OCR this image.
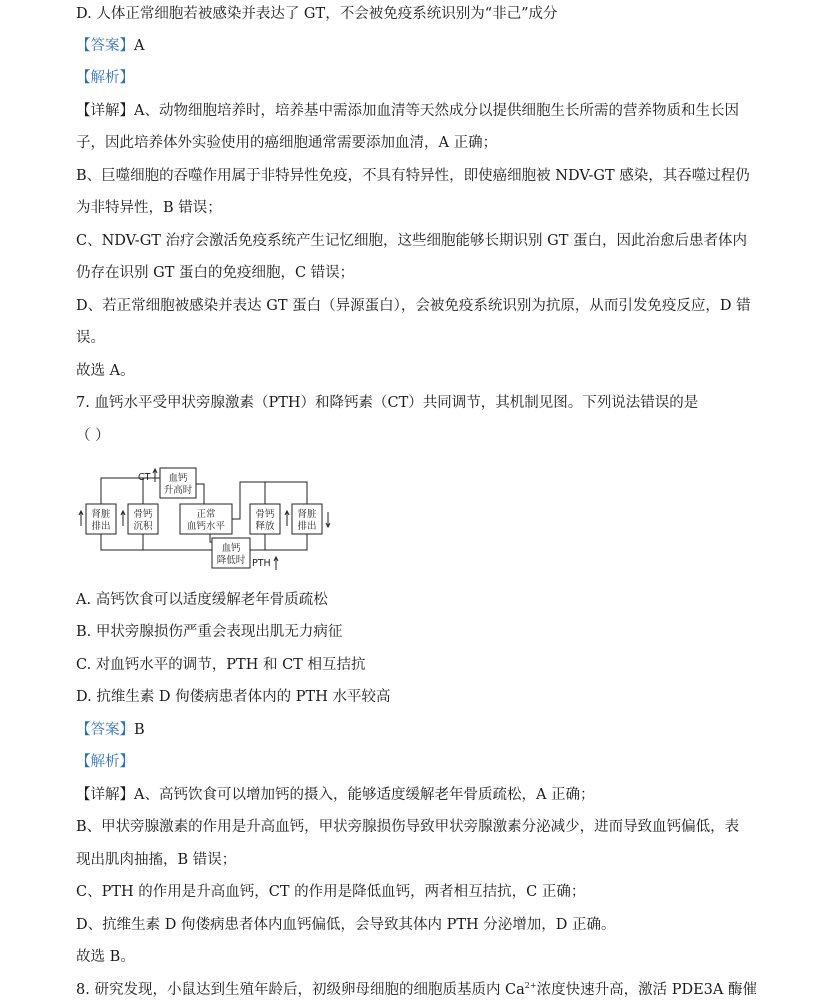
D. 人体正常细胞若被感染并表达了 GT，不会被免疫系统识别为“非己”成分
【答案】A
【解析】
【详解】A、动物细胞培养时，培养基中需添加血清等天然成分以提供细胞生长所需的营养物质和生长因
子，因此培养体外实验使用的癌细胞通常需要添加血清，A 正确；
B、巨噬细胞的吞噬作用属于非特异性免疫，不具有特异性，即使癌细胞被 NDV-GT 感染，其吞噬过程仍
为非特异性，B 错误；
C、NDV-GT 治疗会激活免疫系统产生记忆细胞，这些细胞能够长期识别 GT 蛋白，因此治愈后患者体内
仍存在识别 GT 蛋白的免疫细胞，C 错误；
D、若正常细胞被感染并表达 GT 蛋白（异源蛋白），会被免疫系统识别为抗原，从而引发免疫反应，D 错
误。
故选 A。
7. 血钙水平受甲状旁腺激素（PTH）和降钙素（CT）共同调节，其机制见图。下列说法错误的是
（ ）
CT 血钙
升高时
肾脏
排出
骨钙
沉积
正常
血钙水平
骨钙
释放
肾脏
排出
血钙
降低时 PTH
A. 高钙饮食可以适度缓解老年骨质疏松
B. 甲状旁腺损伤严重会表现出肌无力病征
C. 对血钙水平的调节，PTH 和 CT 相互拮抗
D. 抗维生素 D 佝偻病患者体内的 PTH 水平较高
【答案】B
【解析】
【详解】A、高钙饮食可以增加钙的摄入，能够适度缓解老年骨质疏松，A 正确；
B、甲状旁腺激素的作用是升高血钙，甲状旁腺损伤导致甲状旁腺激素分泌减少，进而导致血钙偏低，表
现出肌肉抽搐，B 错误；
C、PTH 的作用是升高血钙，CT 的作用是降低血钙，两者相互拮抗，C 正确；
D、抗维生素 D 佝偻病患者体内血钙偏低，会导致其体内 PTH 分泌增加，D 正确。
故选 B。
8. 研究发现，小鼠达到生殖年龄后，初级卵母细胞的细胞质基质内 $Ca^{2+}$浓度快速升高，激活 PDE3A 酶催
